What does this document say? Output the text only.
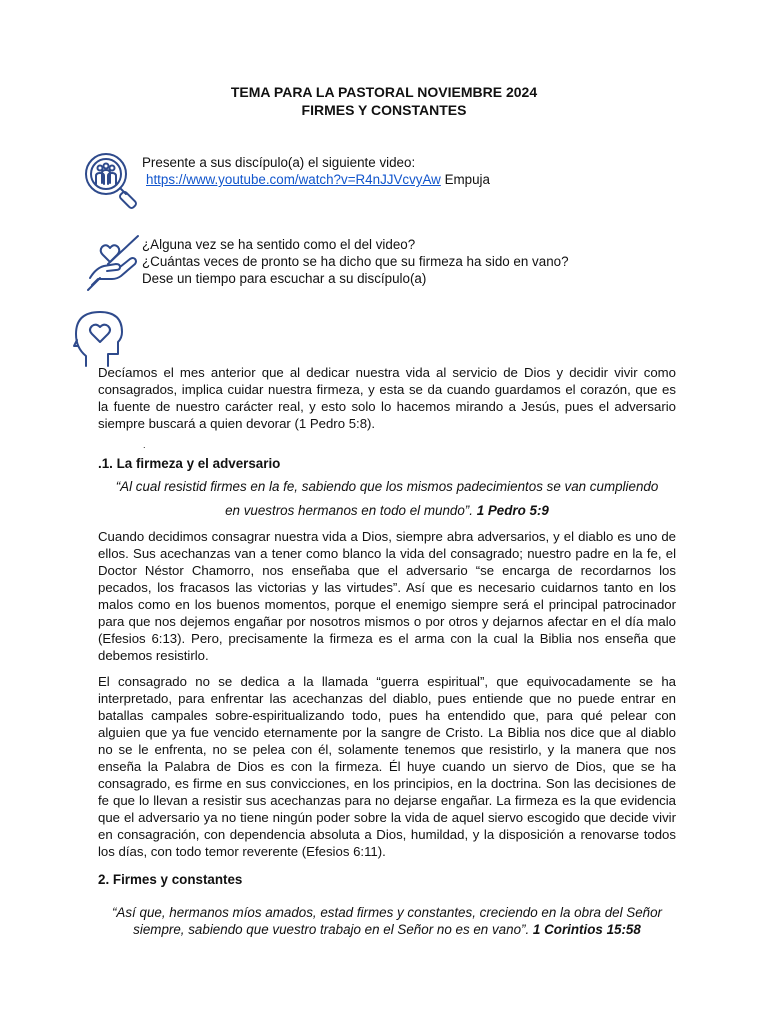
TEMA PARA LA PASTORAL NOVIEMBRE 2024
FIRMES Y CONSTANTES
Presente a sus discípulo(a) el siguiente video:
https://www.youtube.com/watch?v=R4nJJVcvyAw Empuja
¿Alguna vez se ha sentido como el del video?
¿Cuántas veces de pronto se ha dicho que su firmeza ha sido en vano?
Dese un tiempo para escuchar a su discípulo(a)

Decíamos el mes anterior que al dedicar nuestra vida al servicio de Dios y decidir vivir como consagrados, implica cuidar nuestra firmeza, y esta se da cuando guardamos el corazón, que es la fuente de nuestro carácter real, y esto solo lo hacemos mirando a Jesús, pues el adversario siempre buscará a quien devorar (1 Pedro 5:8).

.
.1. La firmeza y el adversario
“Al cual resistid firmes en la fe, sabiendo que los mismos padecimientos se van cumpliendo
en vuestros hermanos en todo el mundo”. 1 Pedro 5:9

Cuando decidimos consagrar nuestra vida a Dios, siempre abra adversarios, y el diablo es uno de ellos. Sus acechanzas van a tener como blanco la vida del consagrado; nuestro padre en la fe, el Doctor Néstor Chamorro, nos enseñaba que el adversario “se encarga de recordarnos los pecados, los fracasos las victorias y las virtudes”. Así que es necesario cuidarnos tanto en los malos como en los buenos momentos, porque el enemigo siempre será el principal patrocinador para que nos dejemos engañar por nosotros mismos o por otros y dejarnos afectar en el día malo (Efesios 6:13). Pero, precisamente la firmeza es el arma con la cual la Biblia nos enseña que debemos resistirlo.

El consagrado no se dedica a la llamada “guerra espiritual”, que equivocadamente se ha interpretado, para enfrentar las acechanzas del diablo, pues entiende que no puede entrar en batallas campales sobre-espiritualizando todo, pues ha entendido que, para qué pelear con alguien que ya fue vencido eternamente por la sangre de Cristo. La Biblia nos dice que al diablo no se le enfrenta, no se pelea con él, solamente tenemos que resistirlo, y la manera que nos enseña la Palabra de Dios es con la firmeza. Él huye cuando un siervo de Dios, que se ha consagrado, es firme en sus convicciones, en los principios, en la doctrina. Son las decisiones de fe que lo llevan a resistir sus acechanzas para no dejarse engañar. La firmeza es la que evidencia que el adversario ya no tiene ningún poder sobre la vida de aquel siervo escogido que decide vivir en consagración, con dependencia absoluta a Dios, humildad, y la disposición a renovarse todos los días, con todo temor reverente (Efesios 6:11).

2. Firmes y constantes

“Así que, hermanos míos amados, estad firmes y constantes, creciendo en la obra del Señor siempre, sabiendo que vuestro trabajo en el Señor no es en vano”. 1 Corintios 15:58
